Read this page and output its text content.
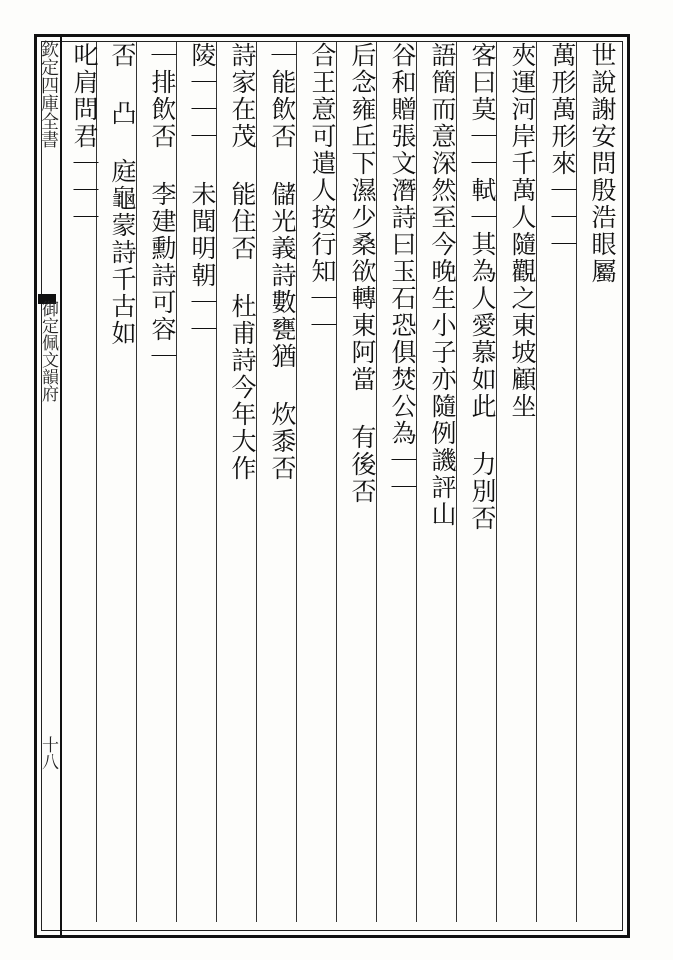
欽定四庫全書
御定佩文韻府
十八
世說謝安問殷浩眼屬
萬形萬形來｜｜｜
夾運河岸千萬人隨觀之東坡顧坐
客曰莫｜｜軾｜其為人愛慕如此 力別否
語簡而意深然至今晚生小子亦隨例譏評山
谷和贈張文潛詩曰玉石恐俱焚公為｜｜
后念雍丘下濕少桑欲轉東阿當 有後否
合王意可遣人按行知｜｜
｜能飲否 儲光義詩數甕猶 炊黍否
詩家在茂 能住否 杜甫詩今年大作
陵｜｜｜ 未聞明朝｜｜
｜排飲否 李建勳詩可容｜
否 凸 庭龜蒙詩千古如
叱肩問君｜｜｜
